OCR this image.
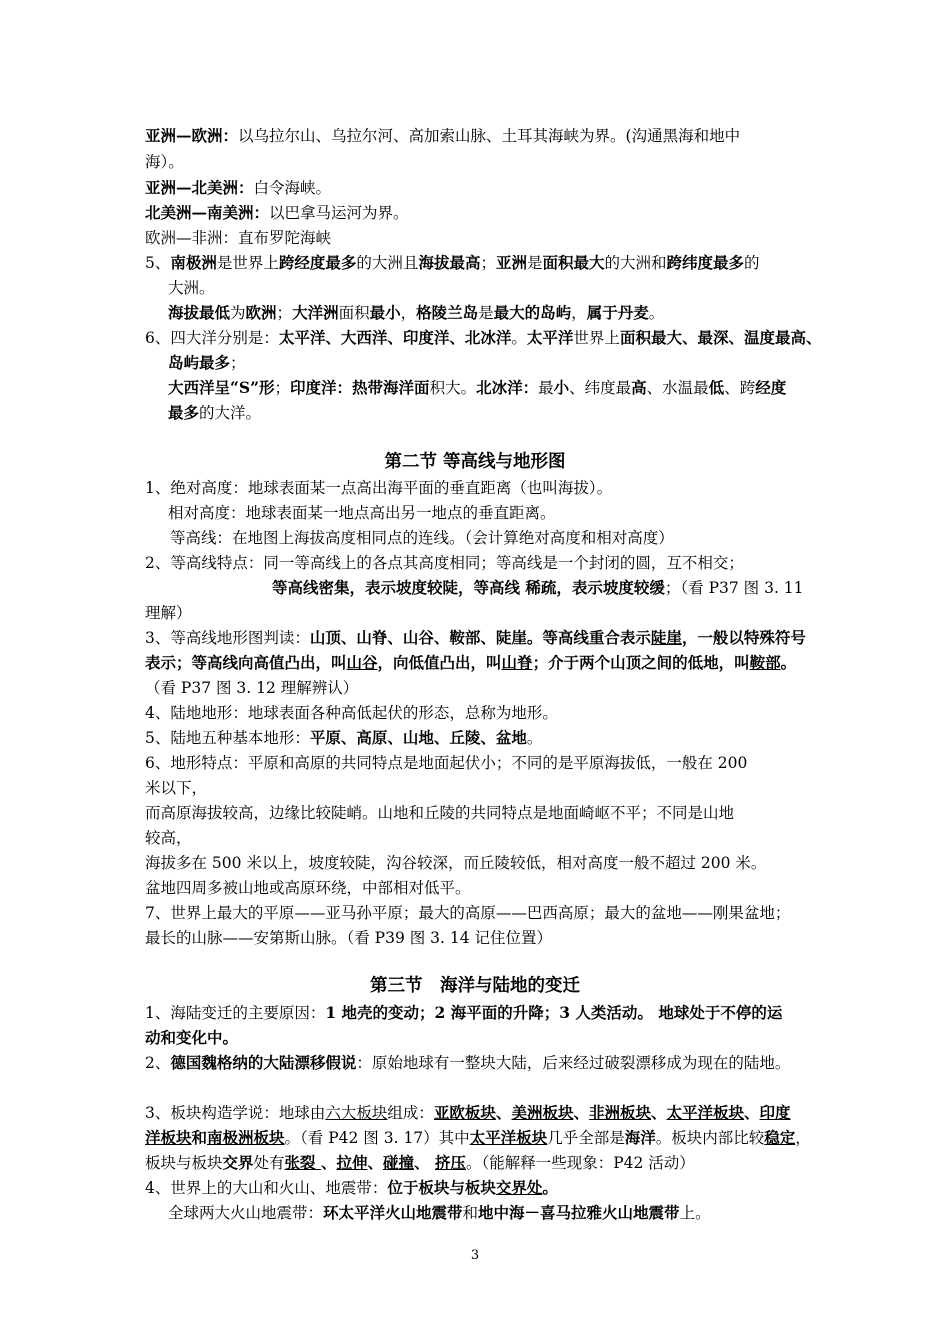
第二节 等高线与地形图
第三节　海洋与陆地的变迁
亚洲—欧洲：以乌拉尔山、乌拉尔河、高加索山脉、土耳其海峡为界。(沟通黑海和地中
海）。
亚洲—北美洲：白令海峡。
北美洲—南美洲：以巴拿马运河为界。
欧洲—非洲：直布罗陀海峡
5、南极洲是世界上跨经度最多的大洲且海拔最高；亚洲是面积最大的大洲和跨纬度最多的
大洲。
海拔最低为欧洲；大洋洲面积最小，格陵兰岛是最大的岛屿，属于丹麦。
6、四大洋分别是：太平洋、大西洋、印度洋、北冰洋。太平洋世界上面积最大、最深、温度最高、
岛屿最多；
大西洋呈“S”形；印度洋：热带海洋面积大。北冰洋：最小、纬度最高、水温最低、跨经度
最多的大洋。
1、绝对高度：地球表面某一点高出海平面的垂直距离（也叫海拔）。
相对高度：地球表面某一地点高出另一地点的垂直距离。
等高线：在地图上海拔高度相同点的连线。（会计算绝对高度和相对高度）
2、等高线特点：同一等高线上的各点其高度相同；等高线是一个封闭的圆，互不相交；
等高线密集，表示坡度较陡，等高线 稀疏，表示坡度较缓；（看 P37 图 3. 11
理解）
3、等高线地形图判读：山顶、山脊、山谷、鞍部、陡崖。等高线重合表示陡崖，一般以特殊符号
表示；等高线向高值凸出，叫山谷，向低值凸出，叫山脊；介于两个山顶之间的低地，叫鞍部。
（看 P37 图 3. 12 理解辨认）
4、陆地地形：地球表面各种高低起伏的形态，总称为地形。
5、陆地五种基本地形：平原、高原、山地、丘陵、盆地。
6、地形特点：平原和高原的共同特点是地面起伏小；不同的是平原海拔低，一般在 200
米以下，
而高原海拔较高，边缘比较陡峭。山地和丘陵的共同特点是地面崎岖不平；不同是山地
较高，
海拔多在 500 米以上，坡度较陡，沟谷较深，而丘陵较低，相对高度一般不超过 200 米。
盆地四周多被山地或高原环绕，中部相对低平。
7、世界上最大的平原——亚马孙平原；最大的高原——巴西高原；最大的盆地——刚果盆地；
最长的山脉——安第斯山脉。（看 P39 图 3. 14 记住位置）
1、海陆变迁的主要原因：1 地壳的变动；2 海平面的升降；3 人类活动。 地球处于不停的运
动和变化中。
2、德国魏格纳的大陆漂移假说：原始地球有一整块大陆，后来经过破裂漂移成为现在的陆地。
3、板块构造学说：地球由六大板块组成：亚欧板块、美洲板块、非洲板块、太平洋板块、印度
洋板块和南极洲板块。（看 P42 图 3. 17）其中太平洋板块几乎全部是海洋。板块内部比较稳定，
板块与板块交界处有张裂 、拉伸、碰撞、 挤压。（能解释一些现象：P42 活动）
4、世界上的大山和火山、地震带：位于板块与板块交界处。
全球两大火山地震带：环太平洋火山地震带和地中海－喜马拉雅火山地震带上。
3
